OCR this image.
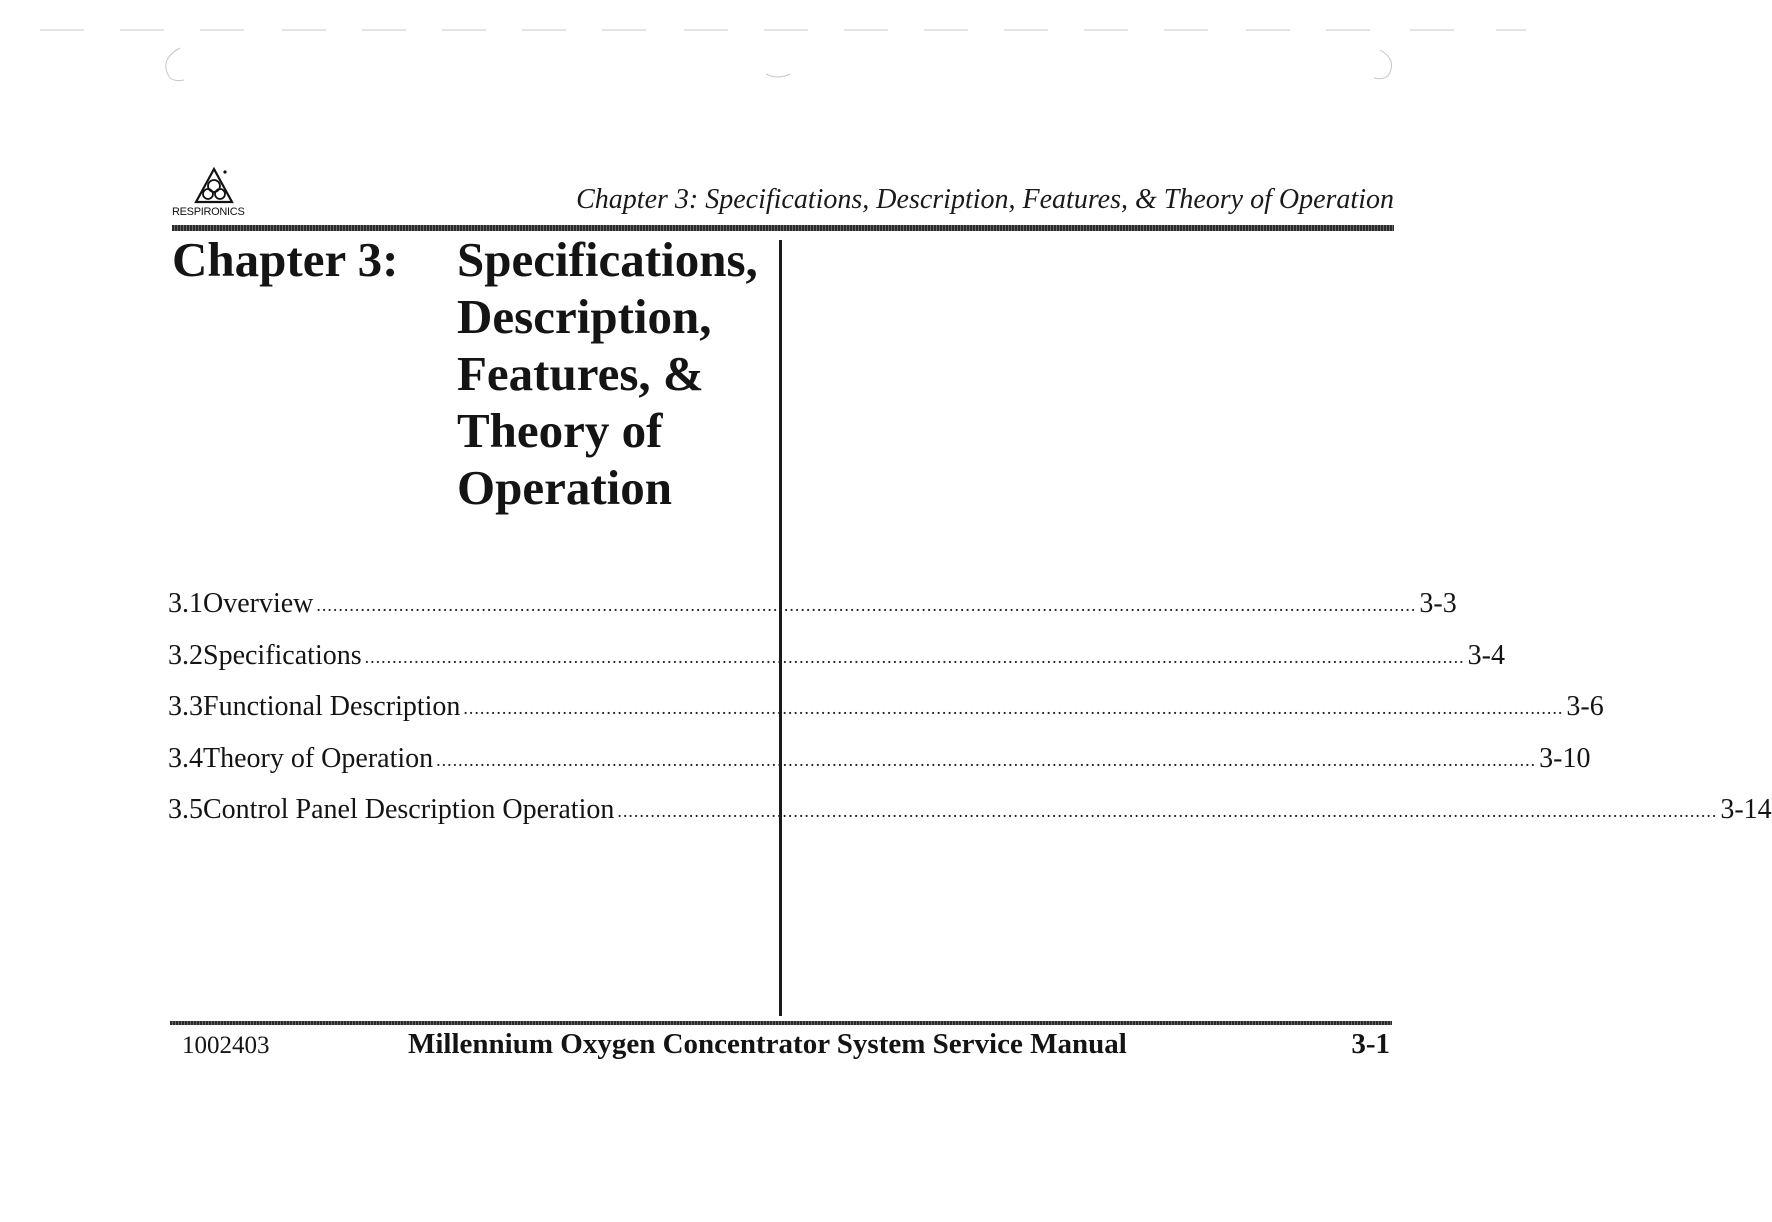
RESPIRONICS	Chapter 3: Specifications, Description, Features, & Theory of Operation
Chapter 3: Specifications,
Description,
Features, &
Theory of
Operation
3.1 Overview ........................................................................................................................................................................................................ 3-3
3.2 Specifications ........................................................................................................................................................................................................ 3-4
3.3 Functional Description ........................................................................................................................................................................................................ 3-6
3.4 Theory of Operation ........................................................................................................................................................................................................ 3-10
3.5 Control Panel Description Operation ........................................................................................................................................................................................................ 3-14
1002403	Millennium Oxygen Concentrator System Service Manual	3-1
